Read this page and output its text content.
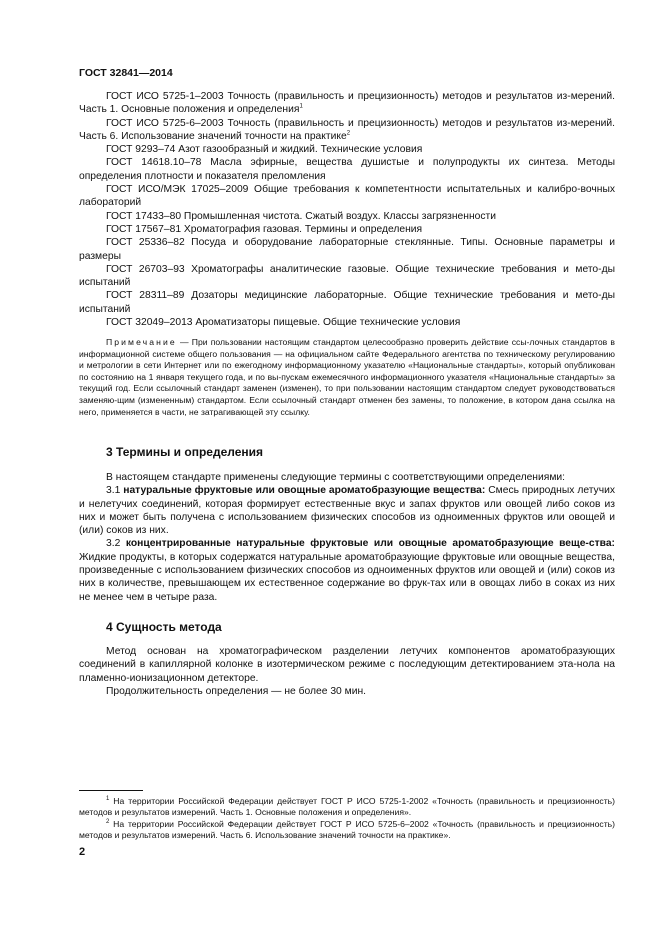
ГОСТ 32841—2014

ГОСТ ИСО 5725-1–2003 Точность (правильность и прецизионность) методов и результатов из-мерений. Часть 1. Основные положения и определения$^1$

ГОСТ ИСО 5725-6–2003 Точность (правильность и прецизионность) методов и результатов из-мерений. Часть 6. Использование значений точности на практике$^2$

ГОСТ 9293–74 Азот газообразный и жидкий. Технические условия

ГОСТ 14618.10–78 Масла эфирные, вещества душистые и полупродукты их синтеза. Методы определения плотности и показателя преломления

ГОСТ ИСО/МЭК 17025–2009 Общие требования к компетентности испытательных и калибро-вочных лабораторий

ГОСТ 17433–80 Промышленная чистота. Сжатый воздух. Классы загрязненности

ГОСТ 17567–81 Хроматография газовая. Термины и определения

ГОСТ 25336–82 Посуда и оборудование лабораторные стеклянные. Типы. Основные параметры и размеры

ГОСТ 26703–93 Хроматографы аналитические газовые. Общие технические требования и мето-ды испытаний

ГОСТ 28311–89 Дозаторы медицинские лабораторные. Общие технические требования и мето-ды испытаний

ГОСТ 32049–2013 Ароматизаторы пищевые. Общие технические условия

Примечание — При пользовании настоящим стандартом целесообразно проверить действие ссы-лочных стандартов в информационной системе общего пользования — на официальном сайте Федерального агентства по техническому регулированию и метрологии в сети Интернет или по ежегодному информационному указателю «Национальные стандарты», который опубликован по состоянию на 1 января текущего года, и по вы-пускам ежемесячного информационного указателя «Национальные стандарты» за текущий год. Если ссылочный стандарт заменен (изменен), то при пользовании настоящим стандартом следует руководствоваться заменяю-щим (измененным) стандартом. Если ссылочный стандарт отменен без замены, то положение, в котором дана ссылка на него, применяется в части, не затрагивающей эту ссылку.
3 Термины и определения

В настоящем стандарте применены следующие термины с соответствующими определениями:

3.1 натуральные фруктовые или овощные ароматобразующие вещества: Смесь природных летучих и нелетучих соединений, которая формирует естественные вкус и запах фруктов или овощей либо соков из них и может быть получена с использованием физических способов из одноименных фруктов или овощей и (или) соков из них.

3.2 концентрированные натуральные фруктовые или овощные ароматобразующие веще-ства: Жидкие продукты, в которых содержатся натуральные ароматобразующие фруктовые или овощные вещества, произведенные с использованием физических способов из одноименных фруктов или овощей и (или) соков из них в количестве, превышающем их естественное содержание во фрук-тах или в овощах либо в соках из них не менее чем в четыре раза.

4 Сущность метода

Метод основан на хроматографическом разделении летучих компонентов ароматобразующих соединений в капиллярной колонке в изотермическом режиме с последующим детектированием эта-нола на пламенно-ионизационном детекторе.

Продолжительность определения — не более 30 мин.

$^1$ На территории Российской Федерации действует ГОСТ Р ИСО 5725-1-2002 «Точность (правильность и прецизионность) методов и результатов измерений. Часть 1. Основные положения и определения».

$^2$ На территории Российской Федерации действует ГОСТ Р ИСО 5725-6–2002 «Точность (правильность и прецизионность) методов и результатов измерений. Часть 6. Использование значений точности на практике».

2
